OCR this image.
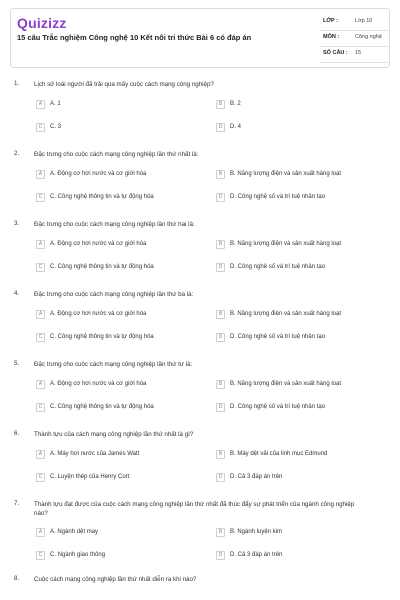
Quizizz
15 câu Trắc nghiệm Công nghệ 10 Kết nối tri thức Bài 6 có đáp án
LỚP :	Lớp 10
MÔN :	Công nghệ
SỐ CÂU : 15
1. Lịch sử loài người đã trải qua mấy cuộc cách mạng công nghiệp?
A	A. 1	B	B. 2
C	C. 3	D	D. 4
2. Đặc trưng cho cuộc cách mạng công nghiệp lần thứ nhất là:
A	A. Động cơ hơi nước và cơ giới hóa	B	B. Năng lượng điện và sản xuất hàng loạt
C	C. Công nghệ thông tin và tự động hóa	D	D. Công nghệ số và trí tuệ nhân tạo
3. Đặc trưng cho cuộc cách mạng công nghiệp lần thứ hai là:
A	A. Động cơ hơi nước và cơ giới hóa	B	B. Năng lượng điện và sản xuất hàng loạt
C	C. Công nghệ thông tin và tự động hóa	D	D. Công nghệ số và trí tuệ nhân tạo
4. Đặc trưng cho cuộc cách mạng công nghiệp lần thứ ba là:
A	A. Động cơ hơi nước và cơ giới hóa	B	B. Năng lượng điện và sản xuất hàng loạt
C	C. Công nghệ thông tin và tự động hóa	D	D. Công nghệ số và trí tuệ nhân tạo
5. Đặc trưng cho cuộc cách mạng công nghiệp lần thứ tư là:
A	A. Động cơ hơi nước và cơ giới hóa	B	B. Năng lượng điện và sản xuất hàng loạt
C	C. Công nghệ thông tin và tự động hóa	D	D. Công nghệ số và trí tuệ nhân tạo
6. Thành tựu của cách mạng công nghiệp lần thứ nhất là gì?
A	A. Máy hơi nước của James Watt	B	B. Máy dệt vải của linh mục Edmund
C	C. Luyện thép của Henry Cort	D	D. Cả 3 đáp án trên
7. Thành tựu đạt được của cuộc cách mạng công nghiệp lần thứ nhất đã thúc đẩy sự phát triển của ngành công nghiệp nào?
A	A. Ngành dệt may	B	B. Ngành luyện kim
C	C. Ngành giao thông	D	D. Cả 3 đáp án trên
8. Cuộc cách mạng công nghiệp lần thứ nhất diễn ra khi nào?
